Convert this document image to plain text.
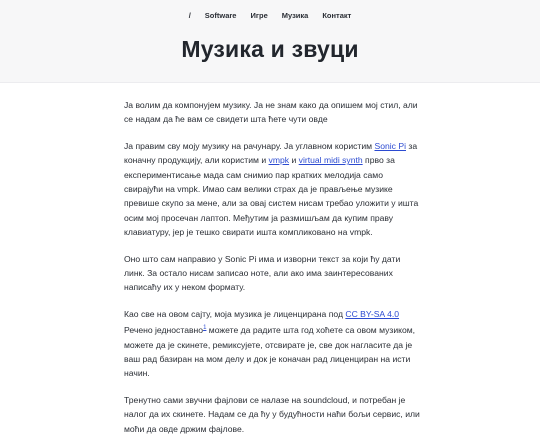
/ Software Игре Музика Контакт
Музика и звуци

Ја волим да компонујем музику. Ја не знам како да опишем мој стил, али се надам да ће вам се свидети шта ћете чути овде

Ја правим сву моју музику на рачунару. Ја углавном користим Sonic Pi за коначну продукцију, али користим и vmpk и virtual midi synth прво за експериментисање мада сам снимио пар кратких мелодија само свирајући на vmpk. Имао сам велики страх да је прављење музике превише скупо за мене, али за овај систем нисам требао уложити у ишта осим мој просечан лаптоп. Међутим ја размишљам да купим праву клавиатуру, јер је тешко свирати ишта компликовано на vmpk.

Оно што сам направио у Sonic Pi има и изворни текст за који ћу дати линк. За остало нисам записао ноте, али ако има заинтересованих написаћу их у неком формату.

Као све на овом сајту, моја музика је лиценцирана под CC BY-SA 4.0 Речено једноставно$^1$ можете да радите шта год хоћете са овом музиком, можете да је скинете, ремиксујете, отсвирате је, све док нагласите да је ваш рад базиран на мом делу и док је коначан рад лиценциран на исти начин.

Тренутно сами звучни фајлови се налазе на soundcloud, и потребан је налог да их скинете. Надам се да ћу у будућности наћи бољи сервис, или моћи да овде држим фајлове.
